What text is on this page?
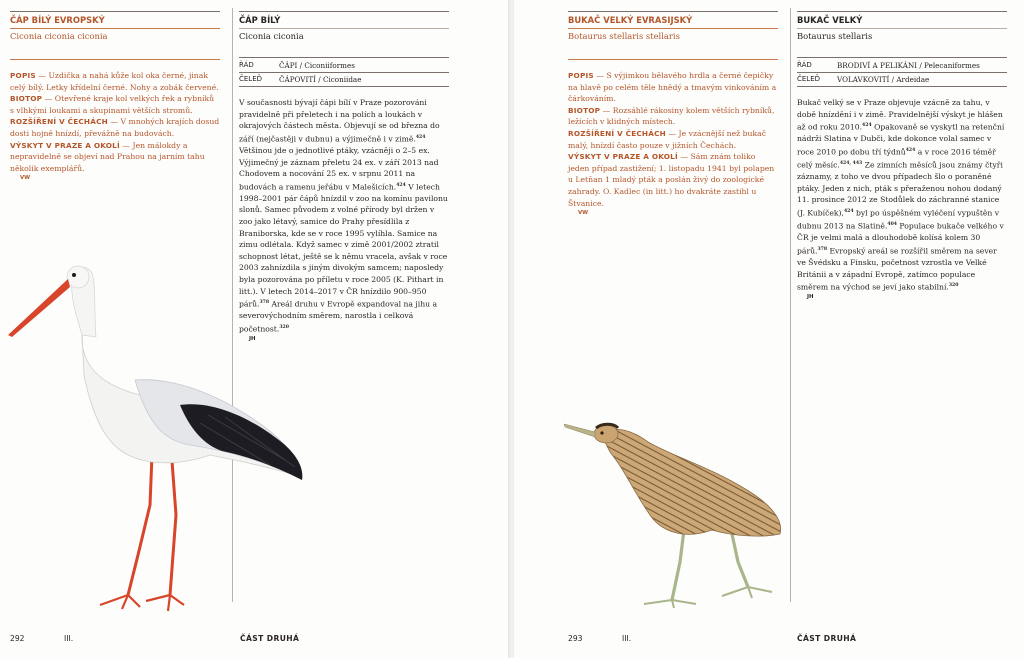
ČÁP BÍLÝ EVROPSKÝ
Ciconia ciconia ciconia
POPIS — Uzdička a nahá kůže kol oka černé, jinak celý bílý. Letky křídelní černé. Nohy a zobák červené.
BIOTOP — Otevřené kraje kol velkých řek a rybníků s vlhkými loukami a skupinami větších stromů.
ROZŠÍŘENÍ V ČECHÁCH — V mnohých krajích dosud dosti hojně hnízdí, převážně na budovách.
VÝSKYT V PRAZE A OKOLÍ — Jen málokdy a nepravidelně se objeví nad Prahou na jarním tahu několik exemplářů.
VW
ČÁP BÍLÝ
Ciconia ciconia
ŘÁD	ČÁPI / Ciconiiformes
ČELEĎ	ČÁPOVITÍ / Ciconiidae
V současnosti bývají čápi bílí v Praze pozorováni pravidelně při přeletech i na polích a loukách v okrajových částech města. Objevují se od března do září (nejčastěji v dubnu) a výjimečně i v zimě.$^{424}$ Většinou jde o jednotlivé ptáky, vzácněji o 2–5 ex. Výjimečný je záznam přeletu 24 ex. v září 2013 nad Chodovem a nocování 25 ex. v srpnu 2011 na budovách a ramenu jeřábu v Malešicích.$^{424}$ V letech 1998–2001 pár čápů hnízdil v zoo na komínu pavilonu slonů. Samec původem z volné přírody byl držen v zoo jako létavý, samice do Prahy přesídlila z Braniborska, kde se v roce 1995 vylíhla. Samice na zimu odlétala. Když samec v zimě 2001/2002 ztratil schopnost létat, ještě se k němu vracela, avšak v roce 2003 zahnízdila s jiným divokým samcem; naposledy byla pozorována po příletu v roce 2005 (K. Pithart in litt.). V letech 2014–2017 v ČR hnízdilo 900–950 párů.$^{378}$ Areál druhu v Evropě expandoval na jihu a severovýchodním směrem, narostla i celková početnost.$^{320}$
JH
292	III.	ČÁST DRUHÁ
BUKAČ VELKÝ EVRASIJSKÝ
Botaurus stellaris stellaris
POPIS — S výjimkou bělavého hrdla a černé čepičky na hlavě po celém těle hnědý a tmavým vinkováním a čárkováním.
BIOTOP — Rozsáhlé rákosiny kolem větších rybníků, ležících v klidných místech.
ROZŠÍŘENÍ V ČECHÁCH — Je vzácnější než bukač malý, hnízdí často pouze v jižních Čechách.
VÝSKYT V PRAZE A OKOLÍ — Sám znám toliko jeden případ zastižení; 1. listopadu 1941 byl polapen u Letňan 1 mladý pták a poslán živý do zoologické zahrady. O. Kadlec (in litt.) ho dvakráte zastihl u Štvanice.
VW
BUKAČ VELKÝ
Botaurus stellaris
ŘÁD	BRODIVÍ A PELIKÁNI / Pelecaniformes
ČELEĎ	VOLAVKOVITÍ / Ardeidae
Bukač velký se v Praze objevuje vzácně za tahu, v době hnízdění i v zimě. Pravidelnější výskyt je hlášen až od roku 2010.$^{424}$ Opakovaně se vyskytl na retenční nádrži Slatina v Dubči, kde dokonce volal samec v roce 2010 po dobu tří týdnů$^{424}$ a v roce 2016 téměř celý měsíc.$^{424, 443}$ Ze zimních měsíců jsou známy čtyři záznamy, z toho ve dvou případech šlo o poraněné ptáky. Jeden z nich, pták s přeraženou nohou dodaný 11. prosince 2012 ze Stodůlek do záchranné stanice (J. Kubíček),$^{424}$ byl po úspěšném vyléčení vypuštěn v dubnu 2013 na Slatině.$^{404}$ Populace bukače velkého v ČR je velmi malá a dlouhodobě kolísá kolem 30 párů.$^{378}$ Evropský areál se rozšířil směrem na sever ve Švédsku a Finsku, početnost vzrostla ve Velké Británii a v západní Evropě, zatímco populace směrem na východ se jeví jako stabilní.$^{320}$
JH
293	III.	ČÁST DRUHÁ
